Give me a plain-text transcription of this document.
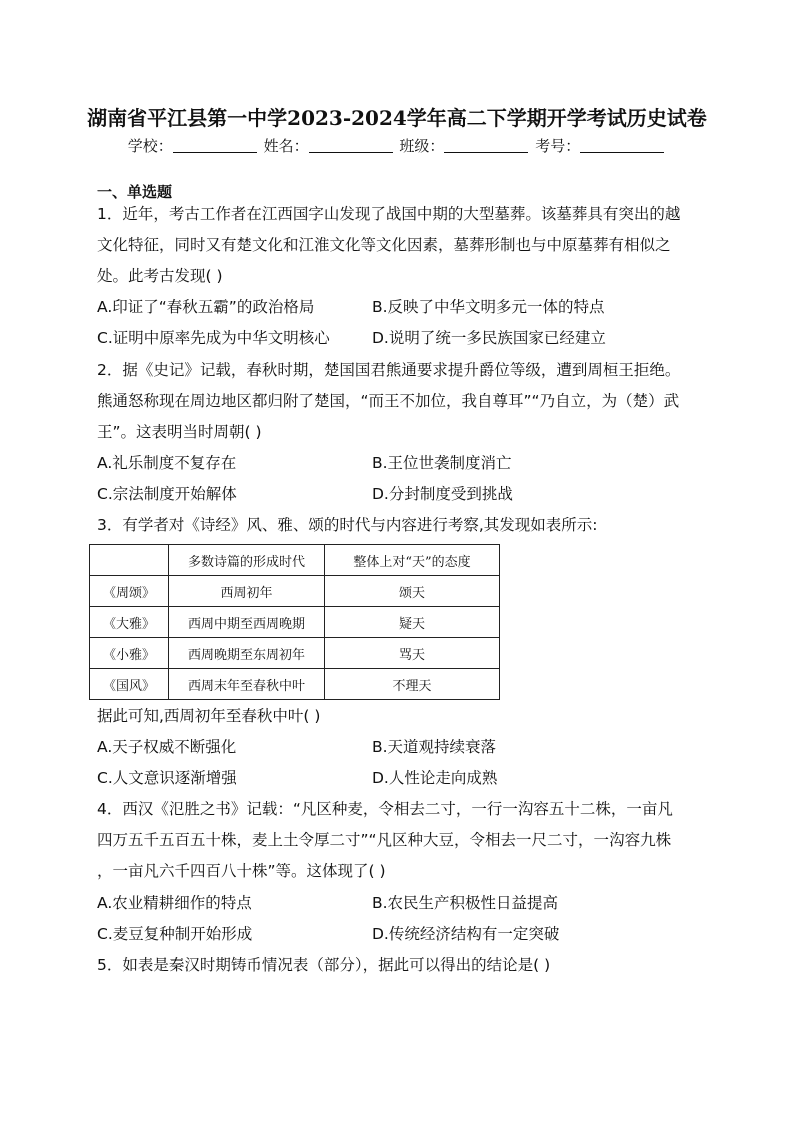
湖南省平江县第一中学2023-2024学年高二下学期开学考试历史试卷
学校：	姓名：	班级：	考号：
一、单选题
1．近年，考古工作者在江西国字山发现了战国中期的大型墓葬。该墓葬具有突出的越
文化特征，同时又有楚文化和江淮文化等文化因素，墓葬形制也与中原墓葬有相似之
处。此考古发现( )
A.印证了“春秋五霸”的政治格局	B.反映了中华文明多元一体的特点
C.证明中原率先成为中华文明核心	D.说明了统一多民族国家已经建立
2．据《史记》记载，春秋时期，楚国国君熊通要求提升爵位等级，遭到周桓王拒绝。
熊通怒称现在周边地区都归附了楚国，“而王不加位，我自尊耳”“乃自立，为（楚）武
王”。这表明当时周朝( )
A.礼乐制度不复存在	B.王位世袭制度消亡
C.宗法制度开始解体	D.分封制度受到挑战
3．有学者对《诗经》风、雅、颂的时代与内容进行考察,其发现如表所示:
	多数诗篇的形成时代	整体上对“天”的态度
《周颂》	西周初年	颂天
《大雅》	西周中期至西周晚期	疑天
《小雅》	西周晚期至东周初年	骂天
《国风》	西周末年至春秋中叶	不理天
据此可知,西周初年至春秋中叶( )
A.天子权威不断强化	B.天道观持续衰落
C.人文意识逐渐增强	D.人性论走向成熟
4．西汉《氾胜之书》记载：“凡区种麦，令相去二寸，一行一沟容五十二株，一亩凡
四万五千五百五十株，麦上土令厚二寸”“凡区种大豆，令相去一尺二寸，一沟容九株
，一亩凡六千四百八十株”等。这体现了( )
A.农业精耕细作的特点	B.农民生产积极性日益提高
C.麦豆复种制开始形成	D.传统经济结构有一定突破
5．如表是秦汉时期铸币情况表（部分），据此可以得出的结论是( )
